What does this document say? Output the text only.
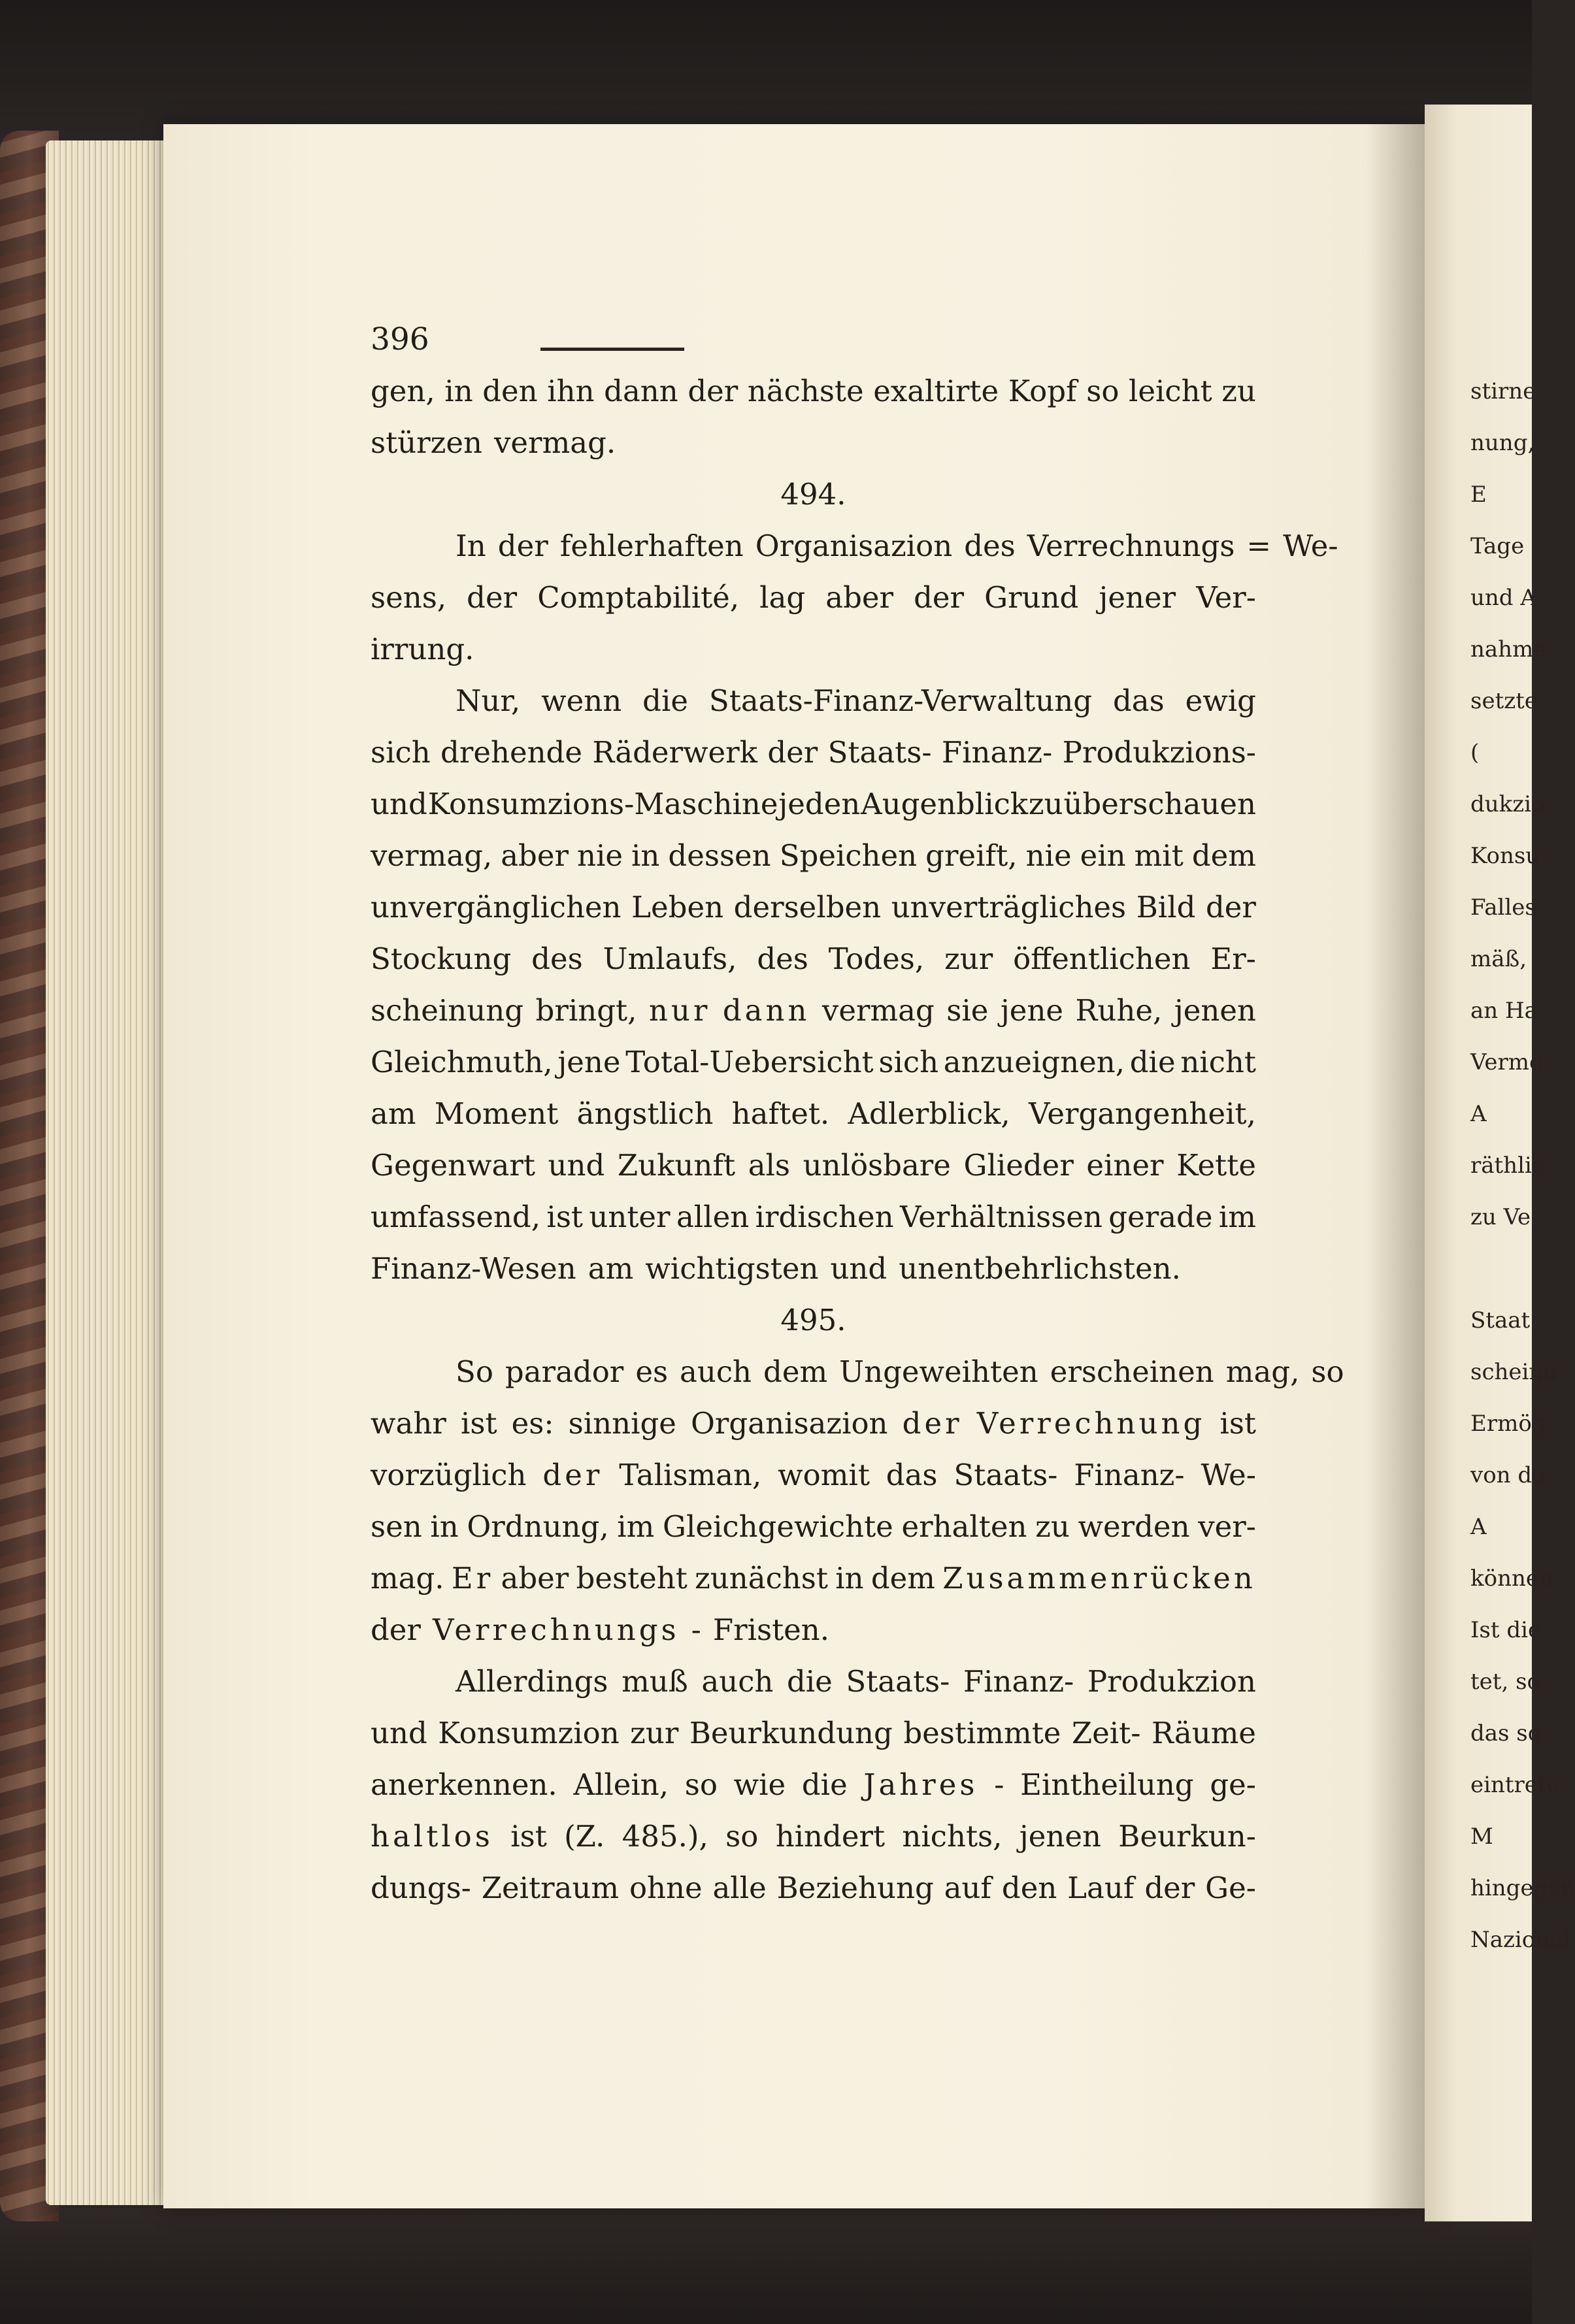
396
gen, in den ihn dann der nächste exaltirte Kopf so leicht zu
stürzen vermag.
494.
In der fehlerhaften Organisazion des Verrechnungs = We-
sens, der Comptabilité, lag aber der Grund jener Ver-
irrung.
Nur, wenn die Staats-Finanz-Verwaltung das ewig
sich drehende Räderwerk der Staats- Finanz- Produkzions-
und Konsumzions-Maschine jeden Augenblick zu überschauen
vermag, aber nie in dessen Speichen greift, nie ein mit dem
unvergänglichen Leben derselben unverträgliches Bild der
Stockung des Umlaufs, des Todes, zur öffentlichen Er-
scheinung bringt, nur dann vermag sie jene Ruhe, jenen
Gleichmuth, jene Total-Uebersicht sich anzueignen, die nicht
am Moment ängstlich haftet. Adlerblick, Vergangenheit,
Gegenwart und Zukunft als unlösbare Glieder einer Kette
umfassend, ist unter allen irdischen Verhältnissen gerade im
Finanz-Wesen am wichtigsten und unentbehrlichsten.
495.
So parador es auch dem Ungeweihten erscheinen mag, so
wahr ist es: sinnige Organisazion der Verrechnung ist
vorzüglich der Talisman, womit das Staats- Finanz- We-
sen in Ordnung, im Gleichgewichte erhalten zu werden ver-
mag. Er aber besteht zunächst in dem Zusammenrücken
der Verrechnungs - Fristen.
Allerdings muß auch die Staats- Finanz- Produkzion
und Konsumzion zur Beurkundung bestimmte Zeit- Räume
anerkennen. Allein, so wie die Jahres - Eintheilung ge-
haltlos ist (Z. 485.), so hindert nichts, jenen Beurkun-
dungs- Zeitraum ohne alle Beziehung auf den Lauf der Ge-
stirne
nung,
E
Tage
und A
nahme
setzte
(
dukzio
Konsu
Falles
mäß,
an Ha
Vermö
A
räthlic
zu Ve
Staat
scheinu
Ermög
von de
A
können
Ist die
tet, so
das so
eintrete
M
hingegen
Nazional
